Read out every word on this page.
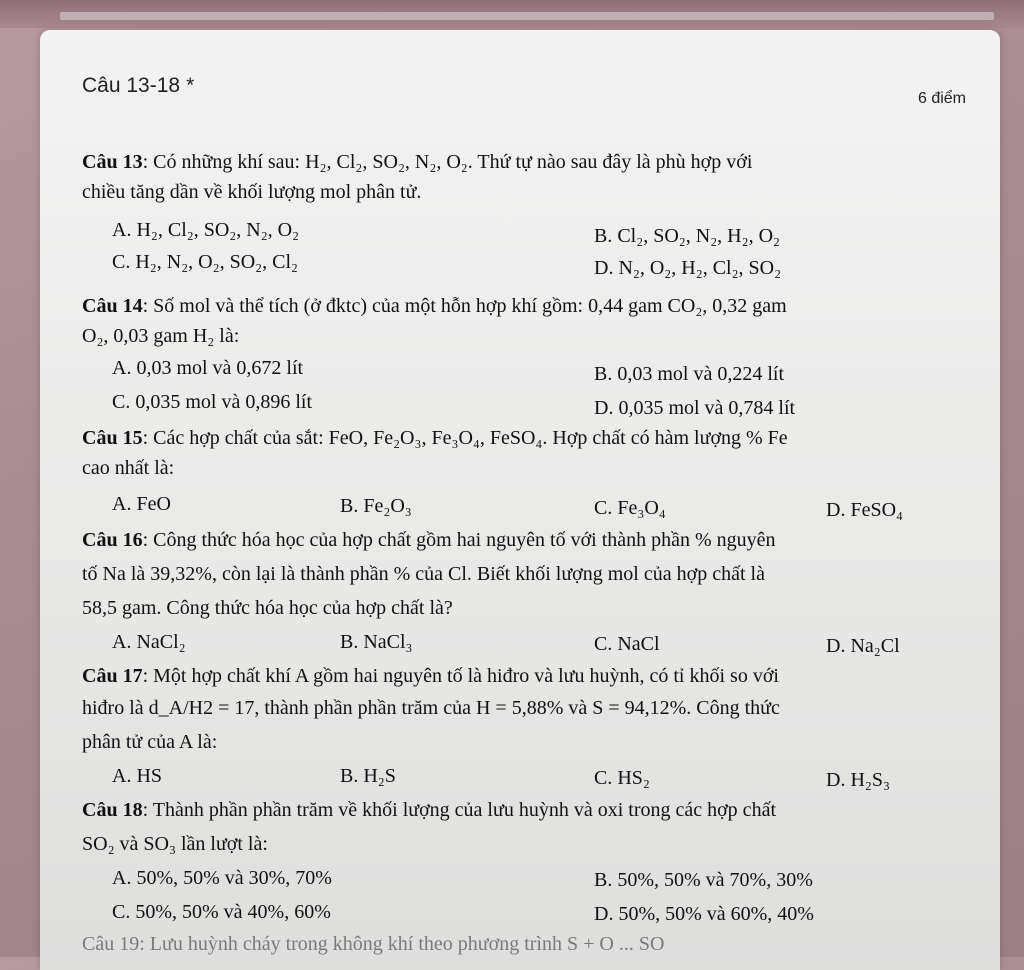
Câu 13-18 *
6 điểm
Câu 13: Có những khí sau: H₂, Cl₂, SO₂, N₂, O₂. Thứ tự nào sau đây là phù hợp với
chiều tăng dần về khối lượng mol phân tử.
A. H₂, Cl₂, SO₂, N₂, O₂	B. Cl₂, SO₂, N₂, H₂, O₂
C. H₂, N₂, O₂, SO₂, Cl₂	D. N₂, O₂, H₂, Cl₂, SO₂
Câu 14: Số mol và thể tích (ở đktc) của một hỗn hợp khí gồm: 0,44 gam CO₂, 0,32 gam
O₂, 0,03 gam H₂ là:
A. 0,03 mol và 0,672 lít	B. 0,03 mol và 0,224 lít
C. 0,035 mol và 0,896 lít	D. 0,035 mol và 0,784 lít
Câu 15: Các hợp chất của sắt: FeO, Fe₂O₃, Fe₃O₄, FeSO₄. Hợp chất có hàm lượng % Fe
cao nhất là:
A. FeO	B. Fe₂O₃	C. Fe₃O₄	D. FeSO₄
Câu 16: Công thức hóa học của hợp chất gồm hai nguyên tố với thành phần % nguyên
tố Na là 39,32%, còn lại là thành phần % của Cl. Biết khối lượng mol của hợp chất là
58,5 gam. Công thức hóa học của hợp chất là?
A. NaCl₂	B. NaCl₃	C. NaCl	D. Na₂Cl
Câu 17: Một hợp chất khí A gồm hai nguyên tố là hiđro và lưu huỳnh, có tỉ khối so với
hiđro là d_A/H2 = 17, thành phần phần trăm của H = 5,88% và S = 94,12%. Công thức
phân tử của A là:
A. HS	B. H₂S	C. HS₂	D. H₂S₃
Câu 18: Thành phần phần trăm về khối lượng của lưu huỳnh và oxi trong các hợp chất
SO₂ và SO₃ lần lượt là:
A. 50%, 50% và 30%, 70%	B. 50%, 50% và 70%, 30%
C. 50%, 50% và 40%, 60%	D. 50%, 50% và 60%, 40%
Câu 19: Lưu huỳnh cháy trong không khí theo phương trình S + O ... SO
